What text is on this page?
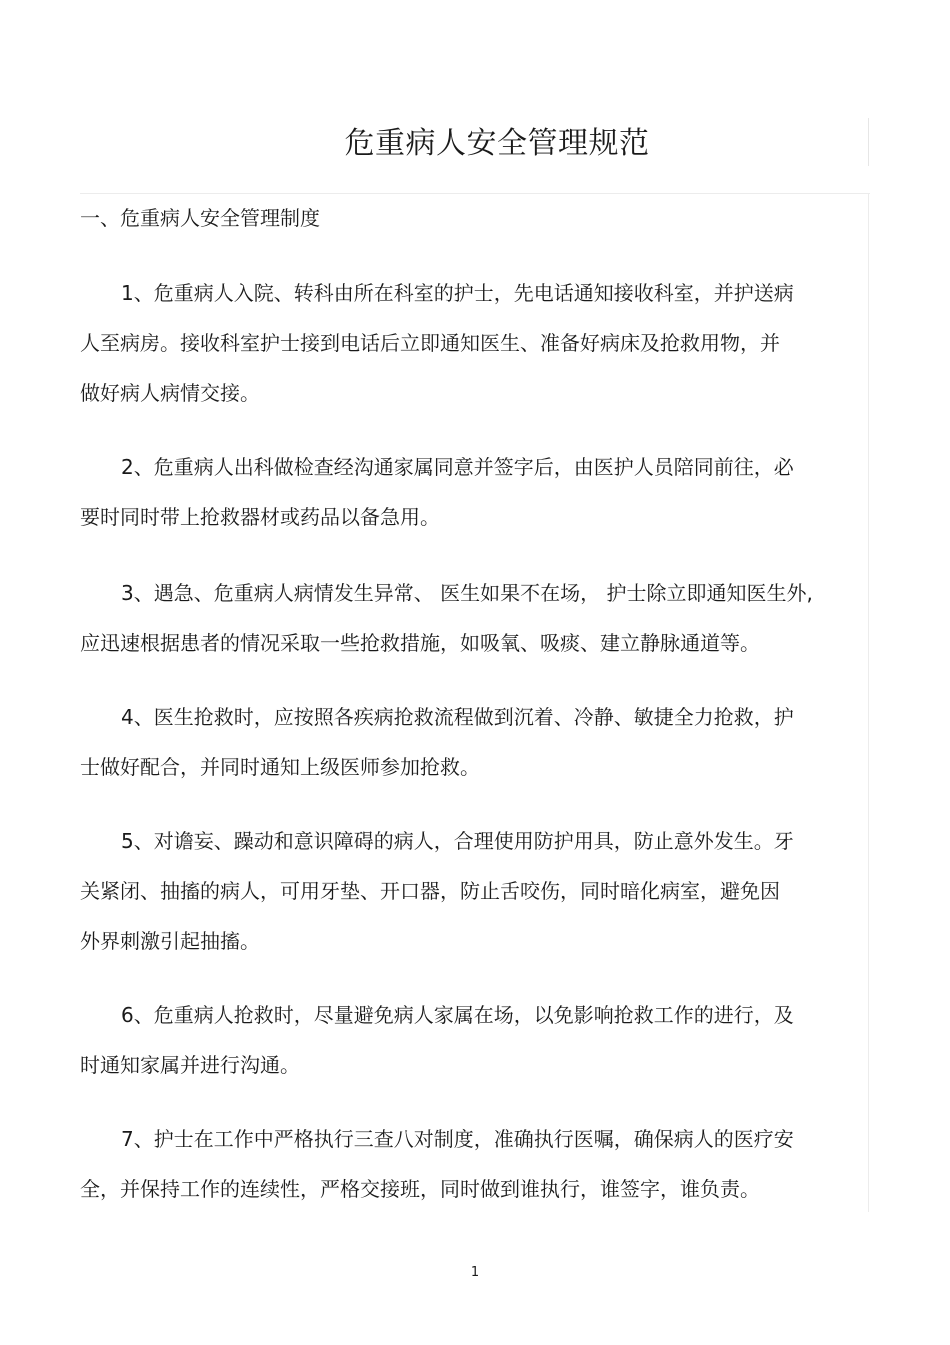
危重病人安全管理规范
一、危重病人安全管理制度

1、危重病人入院、转科由所在科室的护士，先电话通知接收科室，并护送病
人至病房。接收科室护士接到电话后立即通知医生、准备好病床及抢救用物，并
做好病人病情交接。

2、危重病人出科做检查经沟通家属同意并签字后，由医护人员陪同前往，必
要时同时带上抢救器材或药品以备急用。

3、遇急、危重病人病情发生异常、 医生如果不在场， 护士除立即通知医生外,
应迅速根据患者的情况采取一些抢救措施，如吸氧、吸痰、建立静脉通道等。

4、医生抢救时，应按照各疾病抢救流程做到沉着、冷静、敏捷全力抢救，护
士做好配合，并同时通知上级医师参加抢救。

5、对谵妄、躁动和意识障碍的病人，合理使用防护用具，防止意外发生。牙
关紧闭、抽搐的病人，可用牙垫、开口器，防止舌咬伤，同时暗化病室，避免因
外界刺激引起抽搐。

6、危重病人抢救时，尽量避免病人家属在场，以免影响抢救工作的进行，及
时通知家属并进行沟通。

7、护士在工作中严格执行三查八对制度，准确执行医嘱，确保病人的医疗安
全，并保持工作的连续性，严格交接班，同时做到谁执行，谁签字，谁负责。

1
